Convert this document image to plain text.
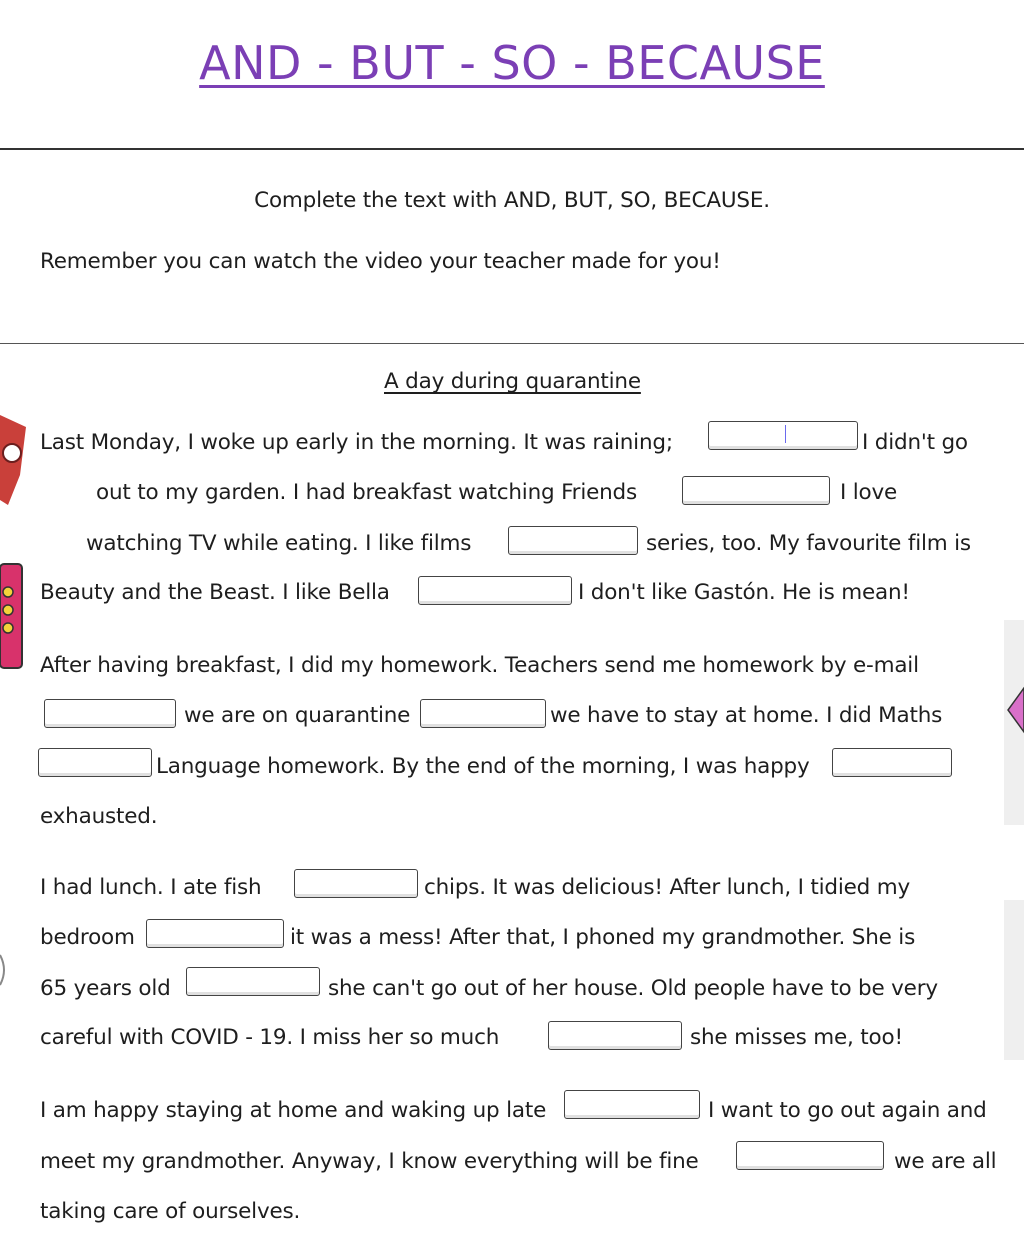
AND - BUT - SO - BECAUSE
Complete the text with AND, BUT, SO, BECAUSE.
Remember you can watch the video your teacher made for you!
A day during quarantine
Last Monday, I woke up early in the morning. It was raining;	I didn't go
out to my garden. I had breakfast watching Friends	I love
watching TV while eating. I like films	series, too. My favourite film is
Beauty and the Beast. I like Bella	I don't like Gastón. He is mean!
After having breakfast, I did my homework. Teachers send me homework by e-mail
we are on quarantine	we have to stay at home. I did Maths
Language homework. By the end of the morning, I was happy
exhausted.
I had lunch. I ate fish	chips. It was delicious! After lunch, I tidied my
bedroom	it was a mess! After that, I phoned my grandmother. She is
65 years old	she can't go out of her house. Old people have to be very
careful with COVID - 19. I miss her so much	she misses me, too!
I am happy staying at home and waking up late	I want to go out again and
meet my grandmother. Anyway, I know everything will be fine	we are all
taking care of ourselves.
